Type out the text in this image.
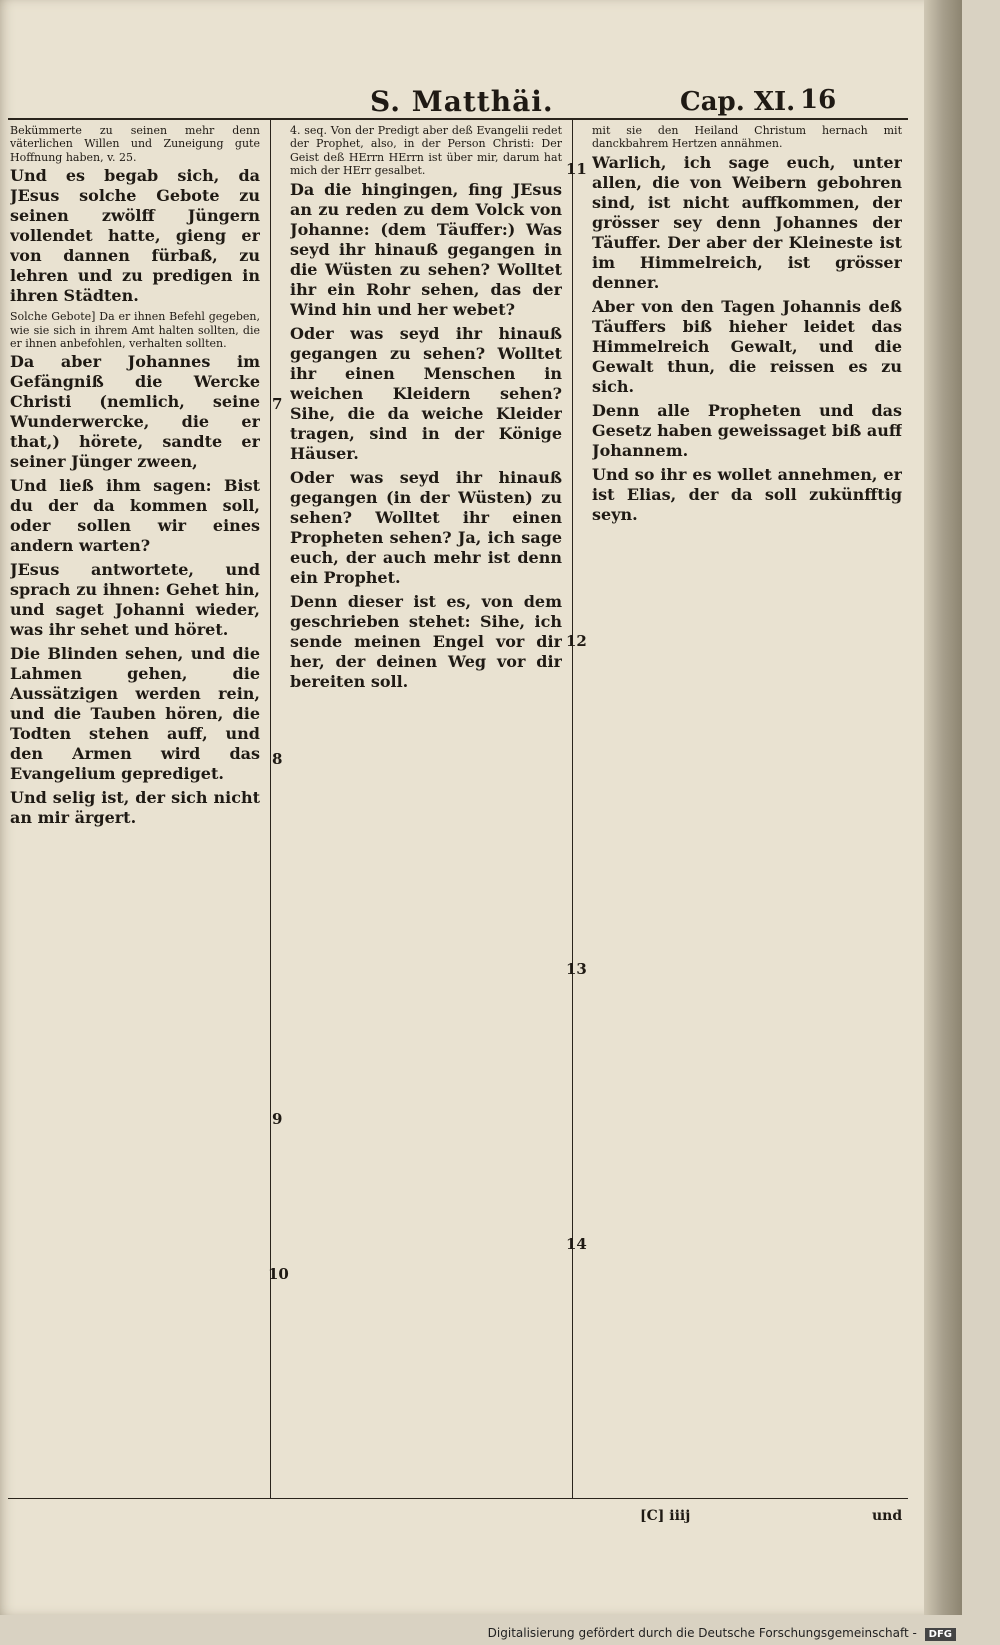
S. Matthäi.	Cap. XI. 16

Bekümmerte zu seinen mehr denn väterlichen Willen und Zuneigung gute Hoffnung haben, v. 25.

Und es begab sich, da JEsus solche Gebote zu seinen zwölff Jüngern vollendet hatte, gieng er von dannen fürbaß, zu lehren und zu predigen in ihren Städten.

Solche Gebote] Da er ihnen Befehl gegeben, wie sie sich in ihrem Amt halten sollten, die er ihnen anbefohlen, verhalten sollten.

Da aber Johannes im Gefängniß die Wercke Christi (nemlich, seine Wunderwercke, die er that,) hörete, sandte er seiner Jünger zween,

Und ließ ihm sagen: Bist du der da kommen soll, oder sollen wir eines andern warten?

JEsus antwortete, und sprach zu ihnen: Gehet hin, und saget Johanni wieder, was ihr sehet und höret.

Die Blinden sehen, und die Lahmen gehen, die Aussätzigen werden rein, und die Tauben hören, die Todten stehen auff, und den Armen wird das Evangelium geprediget.

Und selig ist, der sich nicht an mir ärgert.

4. seq. Von der Predigt aber deß Evangelii redet der Prophet, also, in der Person Christi: Der Geist deß HErrn HErrn ist über mir, darum hat mich der HErr gesalbet.

Da die hingingen, fing JEsus an zu reden zu dem Volck von Johanne: (dem Täuffer:) Was seyd ihr hinauß gegangen in die Wüsten zu sehen? Wolltet ihr ein Rohr sehen, das der Wind hin und her webet?

Oder was seyd ihr hinauß gegangen zu sehen? Wolltet ihr einen Menschen in weichen Kleidern sehen? Sihe, die da weiche Kleider tragen, sind in der Könige Häuser.

Oder was seyd ihr hinauß gegangen (in der Wüsten) zu sehen? Wolltet ihr einen Propheten sehen? Ja, ich sage euch, der auch mehr ist denn ein Prophet.

Denn dieser ist es, von dem geschrieben stehet: Sihe, ich sende meinen Engel vor dir her, der deinen Weg vor dir bereiten soll.

mit sie den Heiland Christum hernach mit danckbahrem Hertzen annähmen.

Warlich, ich sage euch, unter allen, die von Weibern gebohren sind, ist nicht auffkommen, der grösser sey denn Johannes der Täuffer. Der aber der Kleineste ist im Himmelreich, ist grösser denner.

Aber von den Tagen Johannis deß Täuffers biß hieher leidet das Himmelreich Gewalt, und die Gewalt thun, die reissen es zu sich.

Denn alle Propheten und das Gesetz haben geweissaget biß auff Johannem.

Und so ihr es wollet annehmen, er ist Elias, der da soll zukünfftig seyn.

7
8
9
10
11
12
13
14
[C] iiij	und
Digitalisierung gefördert durch die Deutsche Forschungsgemeinschaft - DFG
